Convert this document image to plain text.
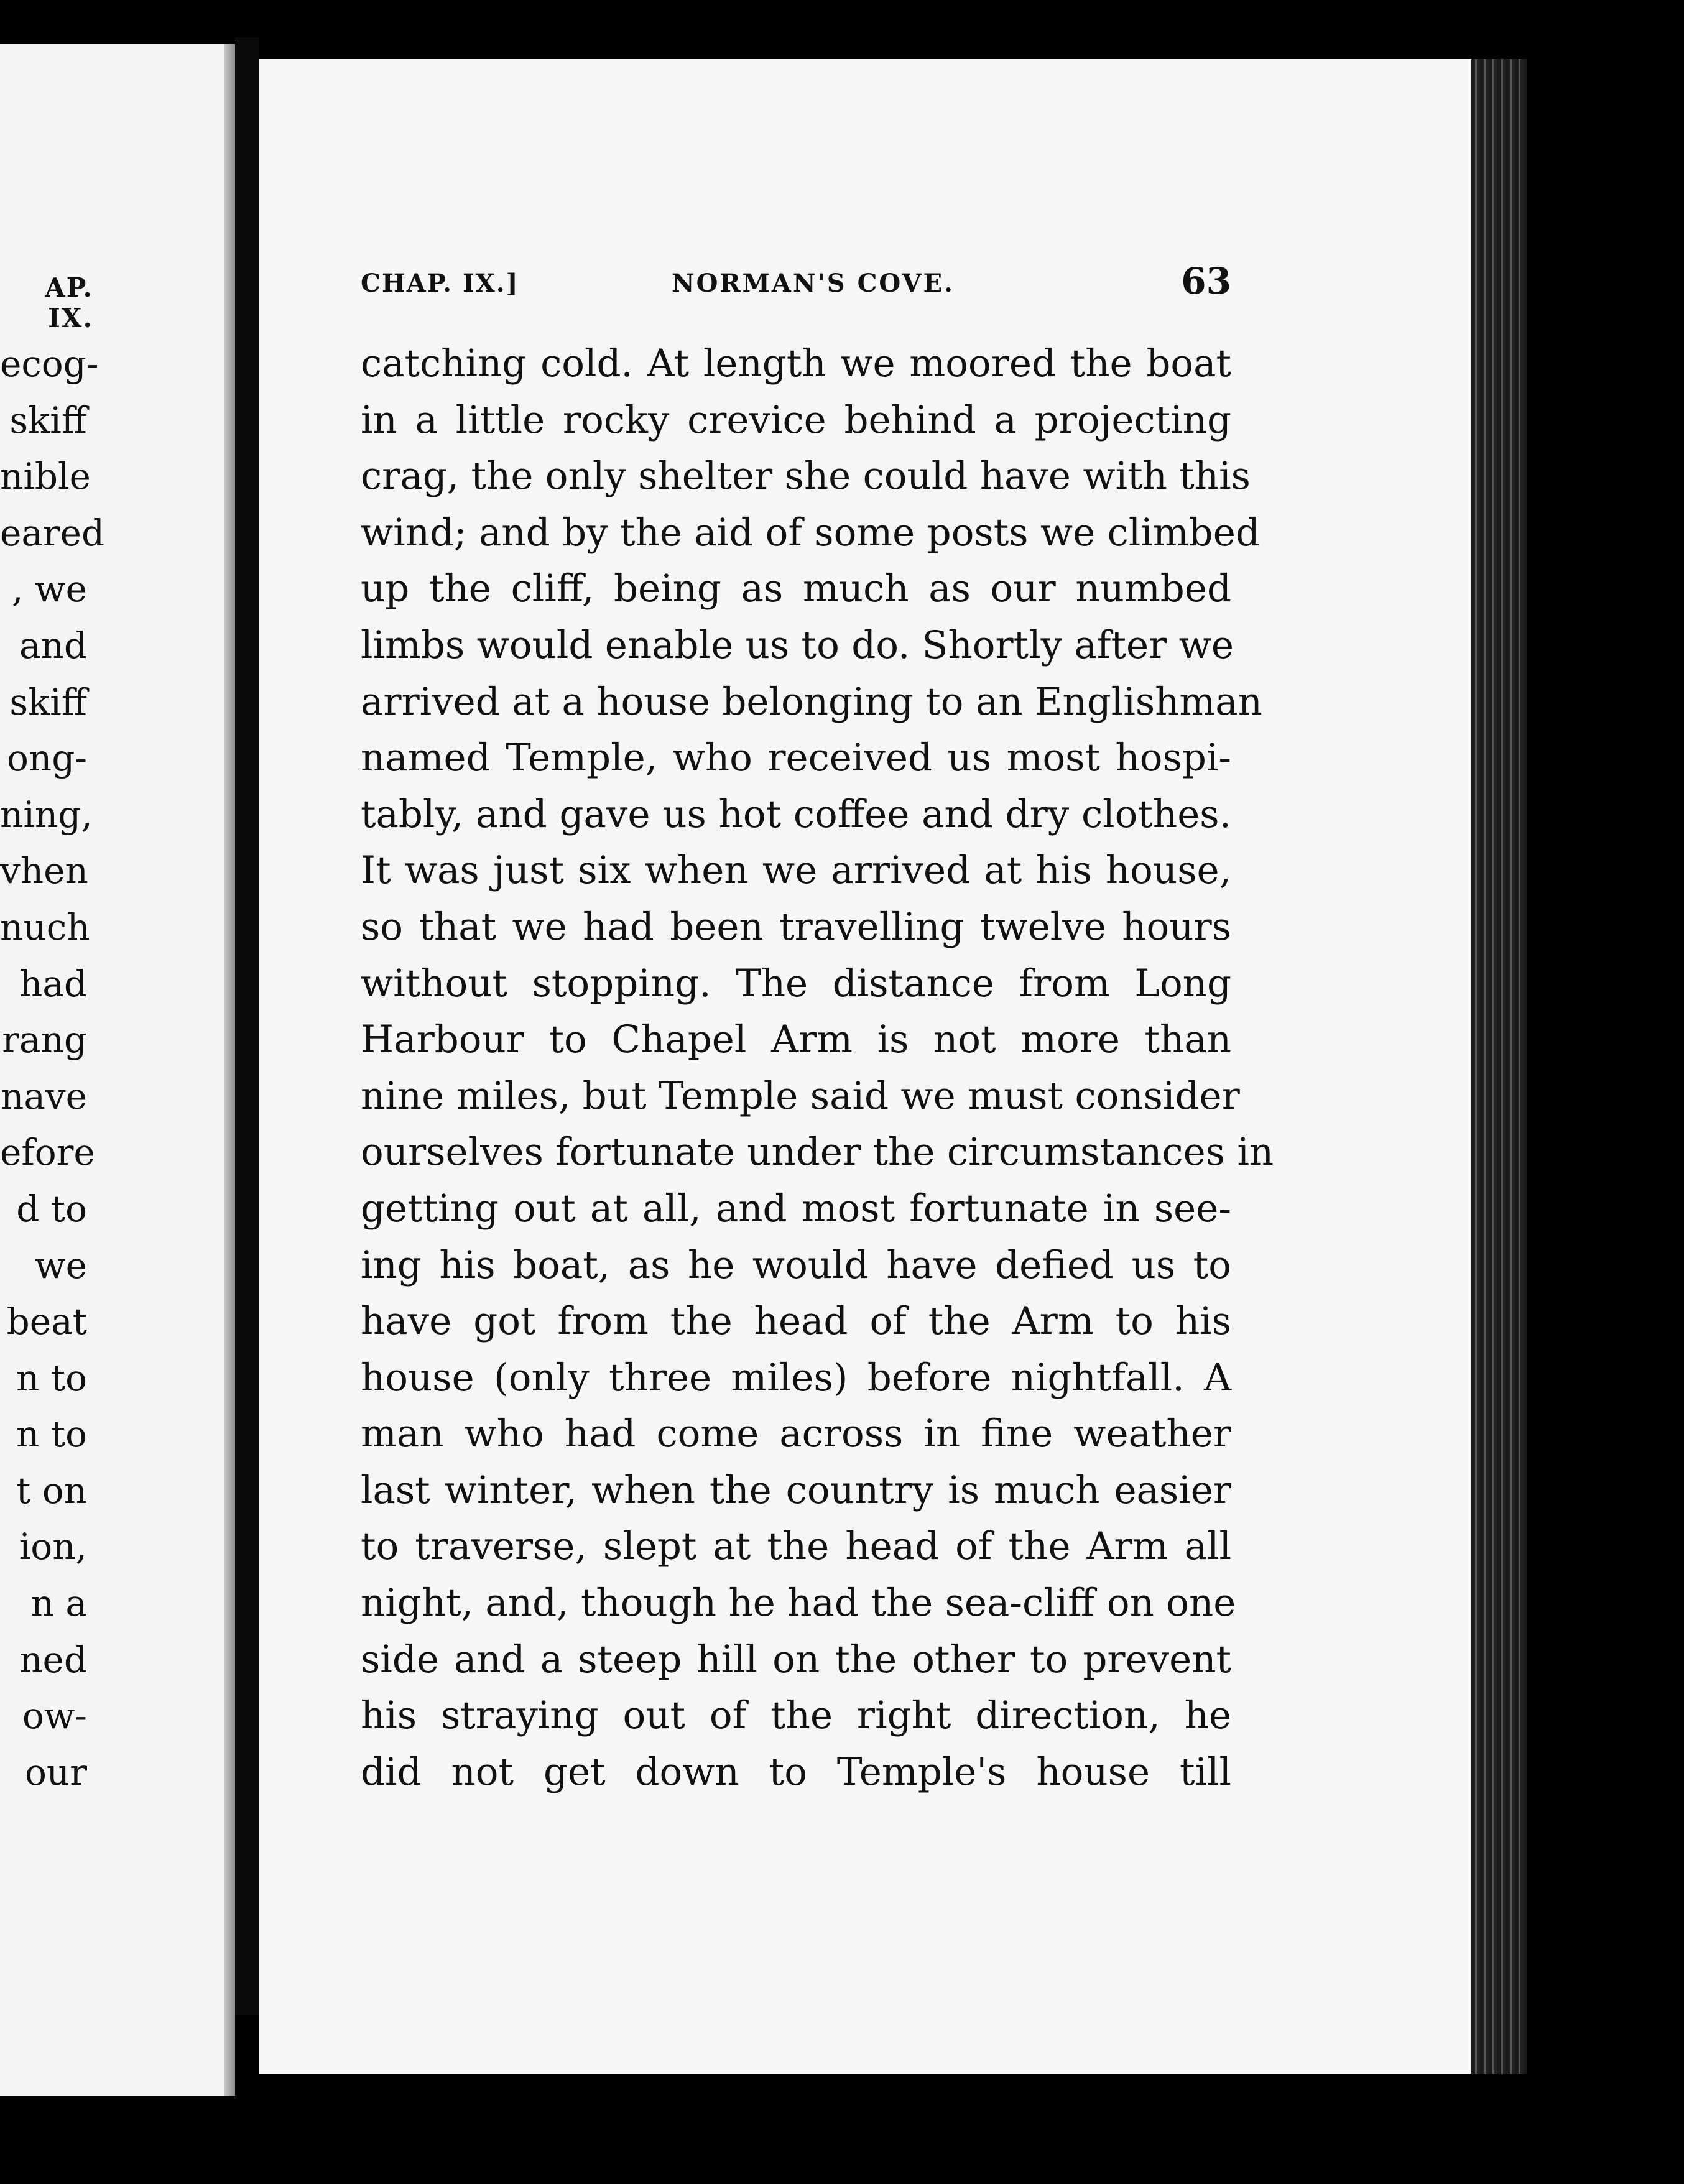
AP. IX.
ecog-
skiff
nible
eared
, we
and
skiff
ong-
ning,
vhen
nuch
had
rang
nave
efore
d to
we
beat
n to
n to
t on
ion,
n a
ned
ow-
our
CHAP. IX.]	NORMAN'S COVE.	63
catching cold. At length we moored the boat
in a little rocky crevice behind a projecting
crag, the only shelter she could have with this
wind; and by the aid of some posts we climbed
up the cliff, being as much as our numbed
limbs would enable us to do. Shortly after we
arrived at a house belonging to an Englishman
named Temple, who received us most hospi-
tably, and gave us hot coffee and dry clothes.
It was just six when we arrived at his house,
so that we had been travelling twelve hours
without stopping. The distance from Long
Harbour to Chapel Arm is not more than
nine miles, but Temple said we must consider
ourselves fortunate under the circumstances in
getting out at all, and most fortunate in see-
ing his boat, as he would have defied us to
have got from the head of the Arm to his
house (only three miles) before nightfall. A
man who had come across in fine weather
last winter, when the country is much easier
to traverse, slept at the head of the Arm all
night, and, though he had the sea-cliff on one
side and a steep hill on the other to prevent
his straying out of the right direction, he
did not get down to Temple's house till
